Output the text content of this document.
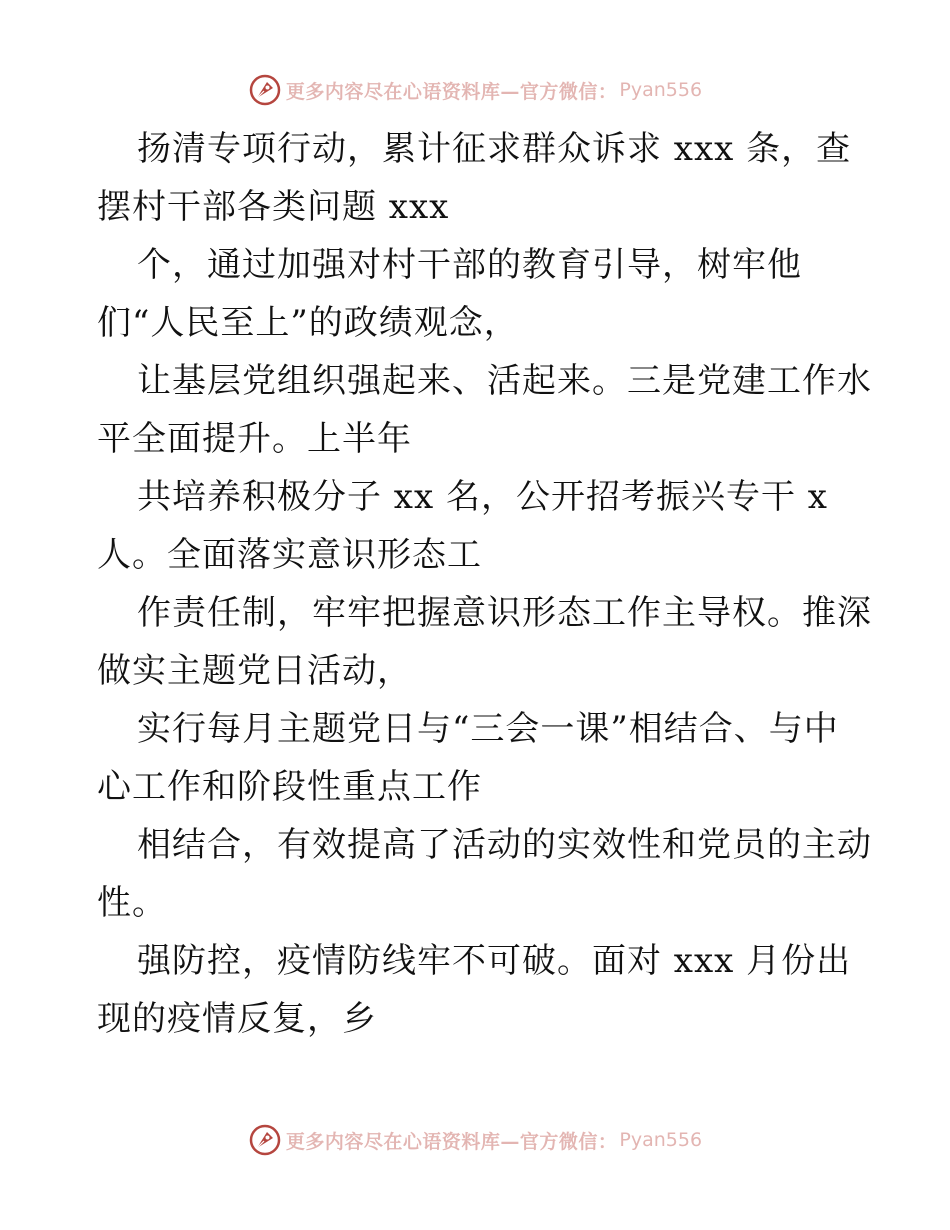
更多内容尽在心语资料库—官方微信： Pyan556
扬清专项行动，累计征求群众诉求 xxx 条，查
摆村干部各类问题 xxx
个，通过加强对村干部的教育引导，树牢他
们“人民至上”的政绩观念，
让基层党组织强起来、活起来。三是党建工作水
平全面提升。上半年
共培养积极分子 xx 名，公开招考振兴专干 x
人。全面落实意识形态工
作责任制，牢牢把握意识形态工作主导权。推深
做实主题党日活动，
实行每月主题党日与“三会一课”相结合、与中
心工作和阶段性重点工作
相结合，有效提高了活动的实效性和党员的主动
性。
强防控，疫情防线牢不可破。面对 xxx 月份出
现的疫情反复，乡
更多内容尽在心语资料库—官方微信： Pyan556
